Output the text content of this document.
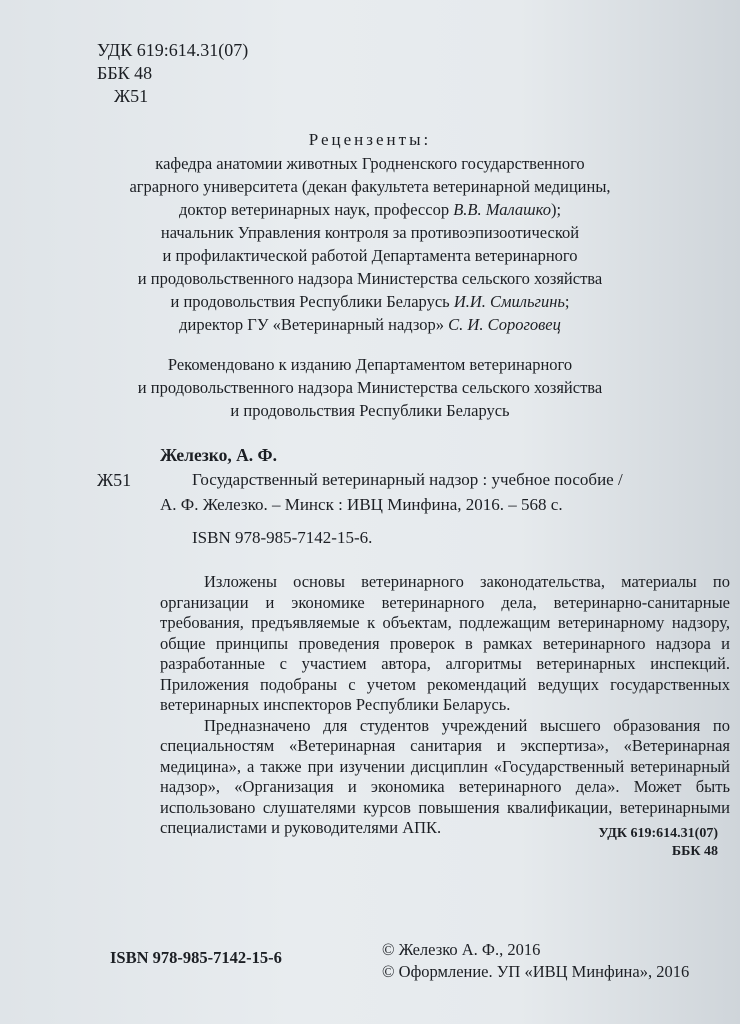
УДК 619:614.31(07)
ББК 48
Ж51
Рецензенты:
кафедра анатомии животных Гродненского государственного
аграрного университета (декан факультета ветеринарной медицины,
доктор ветеринарных наук, профессор В.В. Малашко);
начальник Управления контроля за противоэпизоотической
и профилактической работой Департамента ветеринарного
и продовольственного надзора Министерства сельского хозяйства
и продовольствия Республики Беларусь И.И. Смильгинь;
директор ГУ «Ветеринарный надзор» С. И. Сороговец
Рекомендовано к изданию Департаментом ветеринарного
и продовольственного надзора Министерства сельского хозяйства
и продовольствия Республики Беларусь
Железко, А. Ф.
Ж51	Государственный ветеринарный надзор : учебное пособие /
А. Ф. Железко. – Минск : ИВЦ Минфина, 2016. – 568 с.
ISBN 978-985-7142-15-6.

Изложены основы ветеринарного законодательства, материалы по организации и экономике ветеринарного дела, ветеринарно-санитарные требования, предъявляемые к объектам, подлежащим ветеринарному надзору, общие принципы проведения проверок в рамках ветеринарного надзора и разработанные с участием автора, алгоритмы ветеринарных инспекций. Приложения подобраны с учетом рекомендаций ведущих государственных ветеринарных инспекторов Республики Беларусь.

Предназначено для студентов учреждений высшего образования по специальностям «Ветеринарная санитария и экспертиза», «Ветеринарная медицина», а также при изучении дисциплин «Государственный ветеринарный надзор», «Организация и экономика ветеринарного дела». Может быть использовано слушателями курсов повышения квалификации, ветеринарными специалистами и руководителями АПК.	УДК 619:614.31(07)
ББК 48
ISBN 978-985-7142-15-6	© Железко А. Ф., 2016
© Оформление. УП «ИВЦ Минфина», 2016
